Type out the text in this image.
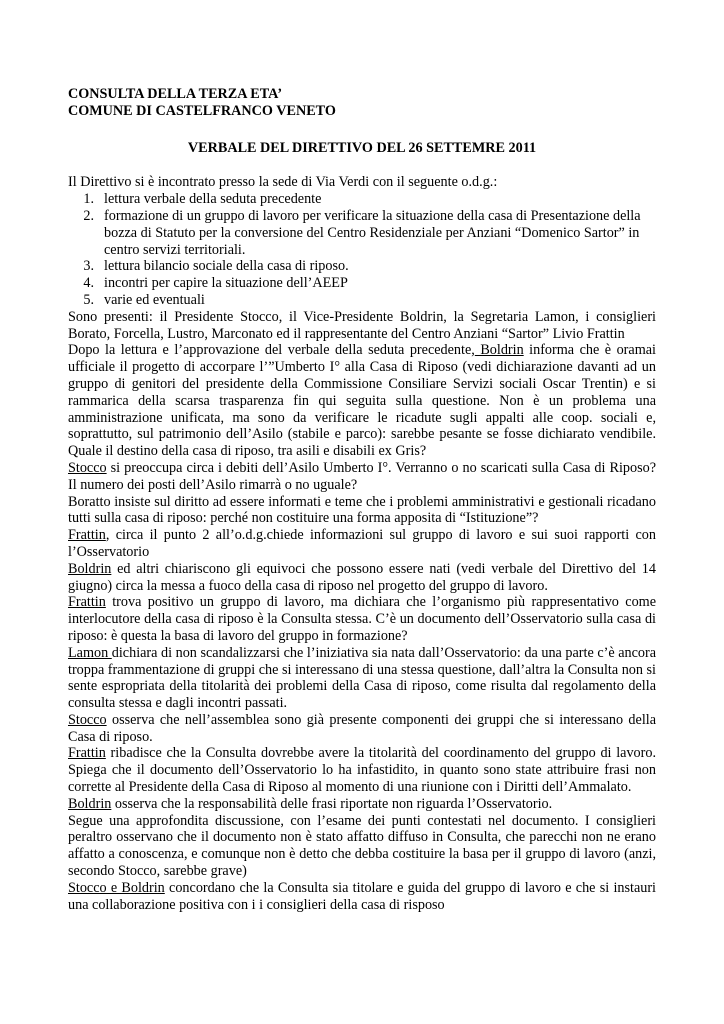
CONSULTA DELLA TERZA ETA’

COMUNE DI CASTELFRANCO VENETO

VERBALE DEL DIRETTIVO DEL 26 SETTEMRE 2011

Il Direttivo si è incontrato presso la sede di Via Verdi con il seguente o.d.g.:

1. lettura verbale della seduta precedente
2. formazione di un gruppo di lavoro per verificare la situazione della casa di Presentazione della bozza di Statuto per la conversione del Centro Residenziale per Anziani “Domenico Sartor” in centro servizi territoriali.
3. lettura bilancio sociale della casa di riposo.
4. incontri per capire la situazione dell’AEEP
5. varie ed eventuali

Sono presenti: il Presidente Stocco, il Vice-Presidente Boldrin, la Segretaria Lamon, i consiglieri Borato, Forcella, Lustro, Marconato ed il rappresentante del Centro Anziani “Sartor” Livio Frattin

Dopo la lettura e l’approvazione del verbale della seduta precedente, Boldrin informa che è oramai ufficiale il progetto di accorpare l’”Umberto I° alla Casa di Riposo (vedi dichiarazione davanti ad un gruppo di genitori del presidente della Commissione Consiliare Servizi sociali Oscar Trentin) e si rammarica della scarsa trasparenza fin qui seguita sulla questione. Non è un problema una amministrazione unificata, ma sono da verificare le ricadute sugli appalti alle coop. sociali e, soprattutto, sul patrimonio dell’Asilo (stabile e parco): sarebbe pesante se fosse dichiarato vendibile. Quale il destino della casa di riposo, tra asili e disabili ex Gris?

Stocco si preoccupa circa i debiti dell’Asilo Umberto I°. Verranno o no scaricati sulla Casa di Riposo? Il numero dei posti dell’Asilo rimarrà o no uguale?

Boratto insiste sul diritto ad essere informati e teme che i problemi amministrativi e gestionali ricadano tutti sulla casa di riposo: perché non costituire una forma apposita di “Istituzione”?

Frattin, circa il punto 2 all’o.d.g.chiede informazioni sul gruppo di lavoro e sui suoi rapporti con l’Osservatorio

Boldrin ed altri chiariscono gli equivoci che possono essere nati (vedi verbale del Direttivo del 14 giugno) circa la messa a fuoco della casa di riposo nel progetto del gruppo di lavoro.

Frattin trova positivo un gruppo di lavoro, ma dichiara che l’organismo più rappresentativo come interlocutore della casa di riposo è la Consulta stessa. C’è un documento dell’Osservatorio sulla casa di riposo: è questa la basa di lavoro del gruppo in formazione?

Lamon dichiara di non scandalizzarsi che l’iniziativa sia nata dall’Osservatorio: da una parte c’è ancora troppa frammentazione di gruppi che si interessano di una stessa questione, dall’altra la Consulta non si sente espropriata della titolarità dei problemi della Casa di riposo, come risulta dal regolamento della consulta stessa e dagli incontri passati.

Stocco osserva che nell’assemblea sono già presente componenti dei gruppi che si interessano della Casa di riposo.

Frattin ribadisce che la Consulta dovrebbe avere la titolarità del coordinamento del gruppo di lavoro. Spiega che il documento dell’Osservatorio lo ha infastidito, in quanto sono state attribuire frasi non corrette al Presidente della Casa di Riposo al momento di una riunione con i Diritti dell’Ammalato.

Boldrin osserva che la responsabilità delle frasi riportate non riguarda l’Osservatorio.

Segue una approfondita discussione, con l’esame dei punti contestati nel documento. I consiglieri peraltro osservano che il documento non è stato affatto diffuso in Consulta, che parecchi non ne erano affatto a conoscenza, e comunque non è detto che debba costituire la basa per il gruppo di lavoro (anzi, secondo Stocco, sarebbe grave)

Stocco e Boldrin concordano che la Consulta sia titolare e guida del gruppo di lavoro e che si instauri una collaborazione positiva con i i consiglieri della casa di risposo
